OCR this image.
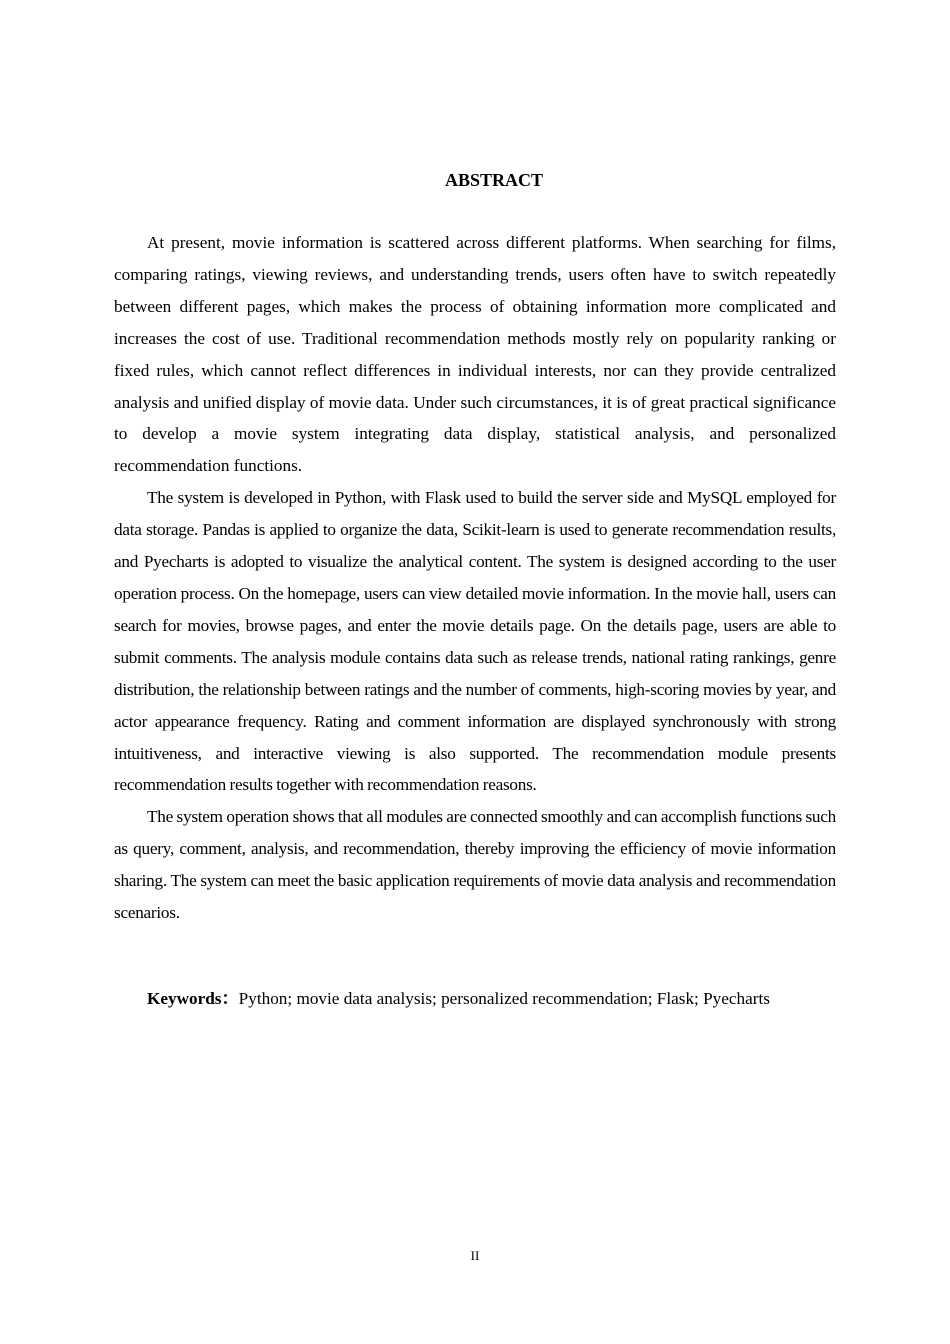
ABSTRACT

At present, movie information is scattered across different platforms. When searching for films, comparing ratings, viewing reviews, and understanding trends, users often have to switch repeatedly between different pages, which makes the process of obtaining information more complicated and increases the cost of use. Traditional recommendation methods mostly rely on popularity ranking or fixed rules, which cannot reflect differences in individual interests, nor can they provide centralized analysis and unified display of movie data. Under such circumstances, it is of great practical significance to develop a movie system integrating data display, statistical analysis, and personalized recommendation functions.

The system is developed in Python, with Flask used to build the server side and MySQL employed for data storage. Pandas is applied to organize the data, Scikit-learn is used to generate recommendation results, and Pyecharts is adopted to visualize the analytical content. The system is designed according to the user operation process. On the homepage, users can view detailed movie information. In the movie hall, users can search for movies, browse pages, and enter the movie details page. On the details page, users are able to submit comments. The analysis module contains data such as release trends, national rating rankings, genre distribution, the relationship between ratings and the number of comments, high-scoring movies by year, and actor appearance frequency. Rating and comment information are displayed synchronously with strong intuitiveness, and interactive viewing is also supported. The recommendation module presents recommendation results together with recommendation reasons.

The system operation shows that all modules are connected smoothly and can accomplish functions such as query, comment, analysis, and recommendation, thereby improving the efficiency of movie information sharing. The system can meet the basic application requirements of movie data analysis and recommendation scenarios.

Keywords：Python; movie data analysis; personalized recommendation; Flask; Pyecharts

II
